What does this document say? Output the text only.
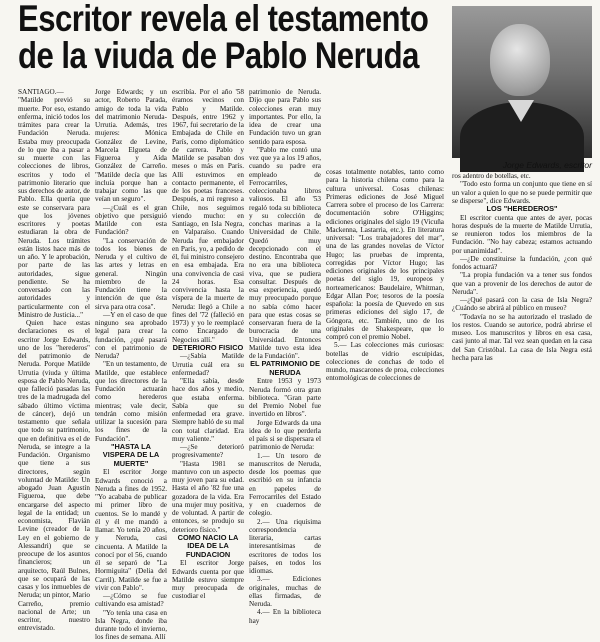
Escritor revela el testamento
de la viuda de Pablo Neruda
Jorge Edwards, escritor

SANTIAGO.— "Matilde previó su muerte. Por eso, estando enferma, inició todos los trámites para crear la Fundación Neruda. Estaba muy preocupada de lo que iba a pasar a su muerte con las colecciones de libros, escritos y todo el patrimonio literario que sus derechos de autor, de Pablo. Ella quería que este se conservara para que los jóvenes escritores y poetas estudiaran la obra de Neruda. Los trámites están listos hace más de un año. Y le aprobación, por parte de las autoridades, sigue pendiente. Se ha conversado con las autoridades y particularmente con el Ministro de Justicia..."

Quien hace estas declaraciones es el escritor Jorge Edwards, uno de los "herederos" del patrimonio de Neruda. Porque Matilde Urrutia (viuda y última esposa de Pablo Neruda, que falleció pasadas las tres de la madrugada del sábado último víctima de cáncer), dejó un testamento que señala que todo su patrimonio, que en definitiva es el de Neruda, se integre a la Fundación. Organismo que tiene a sus directores, según voluntad de Matilde: Un abogado Juan Agustín Figueroa, que debe encargarse del aspecto legal de la entidad; un economista, Flavián Levine (creador de la Ley en el gobierno de Alessandri) que se preocupe de los asuntos financieros; un arquitecto, Raúl Bulnes, que se ocupará de las casas y los inmuebles de Neruda; un pintor, Mario Carreño, premio nacional de Arte; un escritor, nuestro entrevistado.

Jorge Edwards; y un actor, Roberto Parada, amigo de toda la vida del matrimonio Neruda-Urrutia. Además, tres mujeres: Mónica González de Levine, Marcela Elgueta de Figueroa y Aída González de Carreño. "Matilde decía que las incluía porque han a trabajar como las que veían un seguro".

—¿Cuál es el gran objetivo que persiguió Matilde con esta Fundación?

"La conservación de todos los bienes de Neruda y el cultivo de las artes y letras en general. Ningún miembro de la Fundación tiene la intención de que ésta sirva para otra cosa".

—Y en el caso de que ninguno sea aprobado legal para crear la fundación, ¿qué pasará con el patrimonio de Neruda?

"En un testamento, de Matilde, que establece que los directores de la Fundación actuarán como herederos mientras; vale decir, tendrán como misión utilizar la sucesión para los fines de la Fundación".

"HASTA LA VISPERA DE LA MUERTE"

El escritor Jorge Edwards conoció a Neruda a fines de 1952. "Yo acababa de publicar mi primer libro de cuentos. Se lo mandé y él y él me mandó a llamar. Yo tenía 20 años, y Neruda, casi cincuenta. A Matilde la conocí por el 56, cuando él se separó de "La Hormiguita" (Delia del Carril). Matilde se fue a vivir con Pablo".

—¿Cómo se fue cultivando esa amistad?

"Yo tenía una casa en Isla Negra, donde iba durante todo el invierno, los fines de semana. Allí

escribía. Por el año '58 éramos vecinos con Pablo y Matilde. Después, entre 1962 y 1967, fui secretario de la Embajada de Chile en París, como diplomático de carrera. Pablo y Matilde se pasaban dos meses o más en París. Allí estuvimos en contacto permanente, el de los poetas franceses. Después, a mi regreso a Chile, nos seguimos viendo mucho: en Santiago, en Isla Negra, en Valparaíso. Cuando Neruda fue embajador en París, yo, a pedido de él, fui ministro consejero en esa embajada. Era una convivencia de casi 24 horas. Esa convivencia hasta la víspera de la muerte de Neruda: llegó a Chile a fines del '72 (falleció en 1973) y yo le reemplacé como Encargado de Negocios allí."

DETERIORO FISICO

—¿Sabía Matilde Urrutia cuál era su enfermedad?

"Ella sabía, desde hace dos años y medio, que estaba enferma. Sabía que su enfermedad era grave. Siempre habló de su mal con total claridad. Era muy valiente."

—¿Se deterioró progresivamente?

"Hasta 1981 se mantuvo con un aspecto muy joven para su edad. Hasta el año '82 fue una gozadora de la vida. Era una mujer muy positiva, de voluntad. A partir de entonces, se produjo su deterioro físico."

COMO NACIO LA IDEA DE LA FUNDACION

El escritor Jorge Edwards cuenta por que Matilde estuvo siempre muy preocupada de custodiar el

patrimonio de Neruda. Dijo que para Pablo sus colecciones eran muy importantes. Por ello, la idea de crear una Fundación tuvo un gran sentido para esposa.

"Pablo me contó una vez que ya a los 19 años, cuando su padre era empleado de Ferrocarriles, coleccionaba libros valiosos. El año '53 regaló toda su biblioteca y su colección de conchas marinas a la Universidad de Chile. Quedó muy decepcionado con el destino. Encontraba que no era una biblioteca viva, que se pudiera consultar. Después de esa experiencia, quedó muy preocupado porque no sabía cómo hacer para que estas cosas se conservaran fuera de la burocracia de una Universidad. Entonces Matilde tuvo esta idea de la Fundación".

EL PATRIMONIO DE NERUDA

Entre 1953 y 1973 Neruda formó otra gran biblioteca. "Gran parte del Premio Nobel fue invertido en libros".

Jorge Edwards da una idea de lo que perderla el país si se dispersara el patrimonio de Neruda:

1.— Un tesoro de manuscritos de Neruda, desde los poemas que escribió en su infancia en papeles de Ferrocarriles del Estado y en cuadernos de colegio.

2.— Una riquísima correspondencia literaria, cartas interesantísimas de escritores de todos los países, en todos los idiomas.

3.— Ediciones originales, muchas de ellas firmadas, de Neruda.

4.— En la biblioteca hay

cosas totalmente notables, tanto como para la historia chilena como para la cultura universal. Cosas chilenas: Primeras ediciones de José Miguel Carrera sobre el proceso de los Carrera: documentación sobre O'Higgins; ediciones originales del siglo 19 (Vicuña Mackenna, Lastarria, etc.). En literatura universal: "Los trabajadores del mar", una de las grandes novelas de Víctor Hugo; las pruebas de imprenta, corregidas por Víctor Hugo; las ediciones originales de los principales poetas del siglo 19, europeos y norteamericanos: Baudelaire, Whitman, Edgar Allan Poe; tesoros de la poesía española: la poesía de Quevedo en sus primeras ediciones del siglo 17, de Góngora, etc. También, uno de los originales de Shakespeare, que lo compró con el premio Nobel.

5.— Las colecciones más curiosas: botellas de vidrio escuipidas, colecciones de conchas de todo el mundo, mascarones de proa, colecciones entomológicas de colecciones de

ros adentro de botellas, etc.

"Todo esto forma un conjunto que tiene en sí un valor a quien lo que no se puede permitir que se disperse", dice Edwards.

LOS "HEREDEROS"

El escritor cuenta que antes de ayer, pocas horas después de la muerte de Matilde Urrutia, se reunieron todos los miembros de la Fundación. "No hay cabeza; estamos actuando por unanimidad".

—¿De constituirse la fundación, ¿con qué fondos actuará?

"La propia fundación va a tener sus fondos que van a provenir de los derechos de autor de Neruda".

—¿Qué pasará con la casa de Isla Negra? ¿Cuándo se abrirá al público en museo?

"Todavía no se ha autorizado el traslado de los restos. Cuando se autorice, podrá abrirse el museo. Los manuscritos y libros en esa casa, casi junto al mar. Tal vez sean quedan en la casa del San Cristóbal. La casa de Isla Negra está hecha para las
